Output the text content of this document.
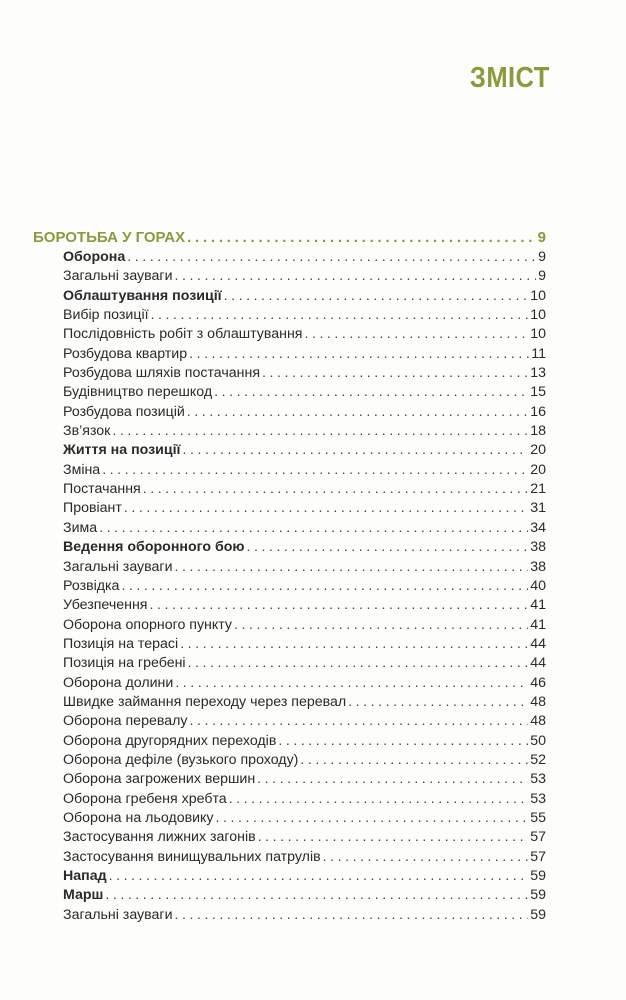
ЗМІСТ
БОРОТЬБА У ГОРАХ . . .	9
Оборона . . .	9
Загальні зауваги . . .	9
Облаштування позиції . . .	10
Вибір позиції . . .	10
Послідовність робіт з облаштування . . .	10
Розбудова квартир . . .	11
Розбудова шляхів постачання . . .	13
Будівництво перешкод . . .	15
Розбудова позицій . . .	16
Зв’язок . . .	18
Життя на позиції . . .	20
Зміна . . .	20
Постачання . . .	21
Провіант . . .	31
Зима . . .	34
Ведення оборонного бою . . .	38
Загальні зауваги . . .	38
Розвідка . . .	40
Убезпечення . . .	41
Оборона опорного пункту . . .	41
Позиція на терасі . . .	44
Позиція на гребені . . .	44
Оборона долини . . .	46
Швидке займання переходу через перевал . . .	48
Оборона перевалу . . .	48
Оборона другорядних переходів . . .	50
Оборона дефіле (вузького проходу) . . .	52
Оборона загрожених вершин . . .	53
Оборона гребеня хребта . . .	53
Оборона на льодовику . . .	55
Застосування лижних загонів . . .	57
Застосування винищувальних патрулів . . .	57
Напад . . .	59
Марш . . .	59
Загальні зауваги . . .	59
